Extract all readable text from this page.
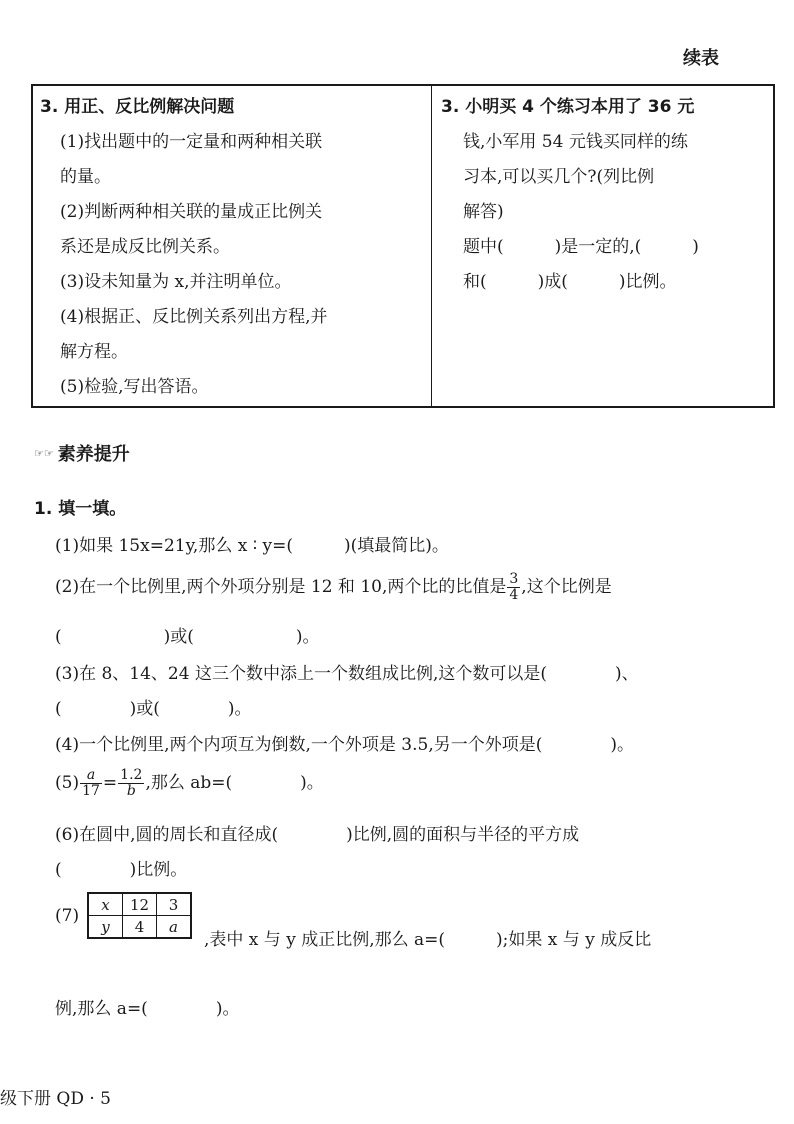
续表
3. 用正、反比例解决问题
(1)找出题中的一定量和两种相关联
的量。
(2)判断两种相关联的量成正比例关
系还是成反比例关系。
(3)设未知量为 x,并注明单位。
(4)根据正、反比例关系列出方程,并
解方程。
(5)检验,写出答语。
3. 小明买 4 个练习本用了 36 元
钱,小军用 54 元钱买同样的练
习本,可以买几个?(列比例
解答)
题中(　　　)是一定的,(　　　)
和(　　　)成(　　　)比例。
☞☞ 素养提升
1. 填一填。
(1)如果 15x=21y,那么 x ∶ y=(　　　)(填最简比)。
(2)在一个比例里,两个外项分别是 12 和 10,两个比的比值是 $\frac{3}{4}$ ,这个比例是
(　　　　　　)或(　　　　　　)。
(3)在 8、14、24 这三个数中添上一个数组成比例,这个数可以是(　　　　)、
(　　　　)或(　　　　)。
(4)一个比例里,两个内项互为倒数,一个外项是 3.5,另一个外项是(　　　　)。
$(5) \frac{a}{17} = \frac{1.2}{b}$ ,那么 ab=(　　　　)。
(6)在圆中,圆的周长和直径成(　　　　)比例,圆的面积与半径的平方成
(　　　　)比例。
(7)
x	12	3
y	4	a
,表中 x 与 y 成正比例,那么 a=(　　　);如果 x 与 y 成反比
例,那么 a=(　　　　)。
级下册 QD · 5
